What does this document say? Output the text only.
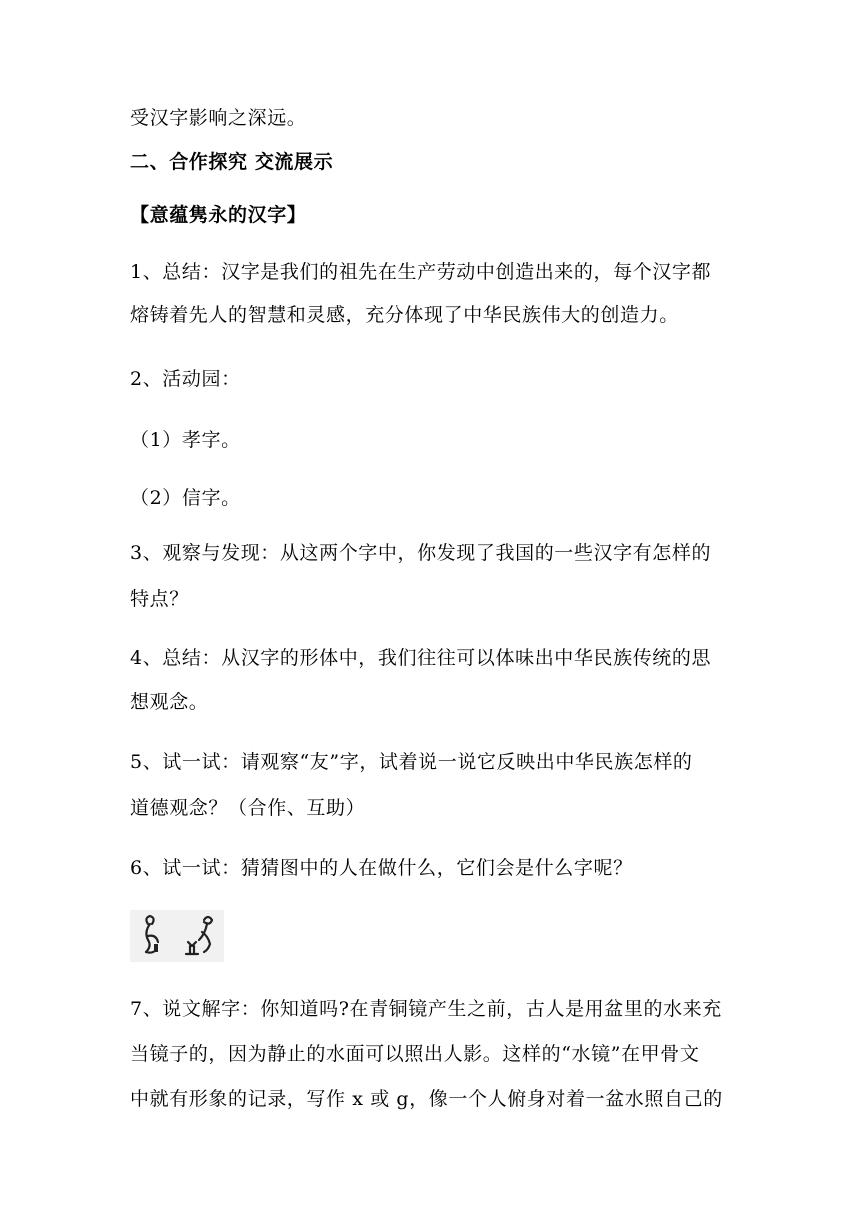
受汉字影响之深远。
二、合作探究 交流展示
【意蕴隽永的汉字】
1、总结：汉字是我们的祖先在生产劳动中创造出来的，每个汉字都
熔铸着先人的智慧和灵感，充分体现了中华民族伟大的创造力。
2、活动园：
（1）孝字。
（2）信字。
3、观察与发现：从这两个字中，你发现了我国的一些汉字有怎样的
特点？
4、总结：从汉字的形体中，我们往往可以体味出中华民族传统的思
想观念。
5、试一试：请观察“友”字，试着说一说它反映出中华民族怎样的
道德观念？（合作、互助）
6、试一试：猜猜图中的人在做什么，它们会是什么字呢？
7、说文解字：你知道吗?在青铜镜产生之前，古人是用盆里的水来充
当镜子的，因为静止的水面可以照出人影。这样的“水镜”在甲骨文
中就有形象的记录，写作 x 或 g，像一个人俯身对着一盆水照自己的
